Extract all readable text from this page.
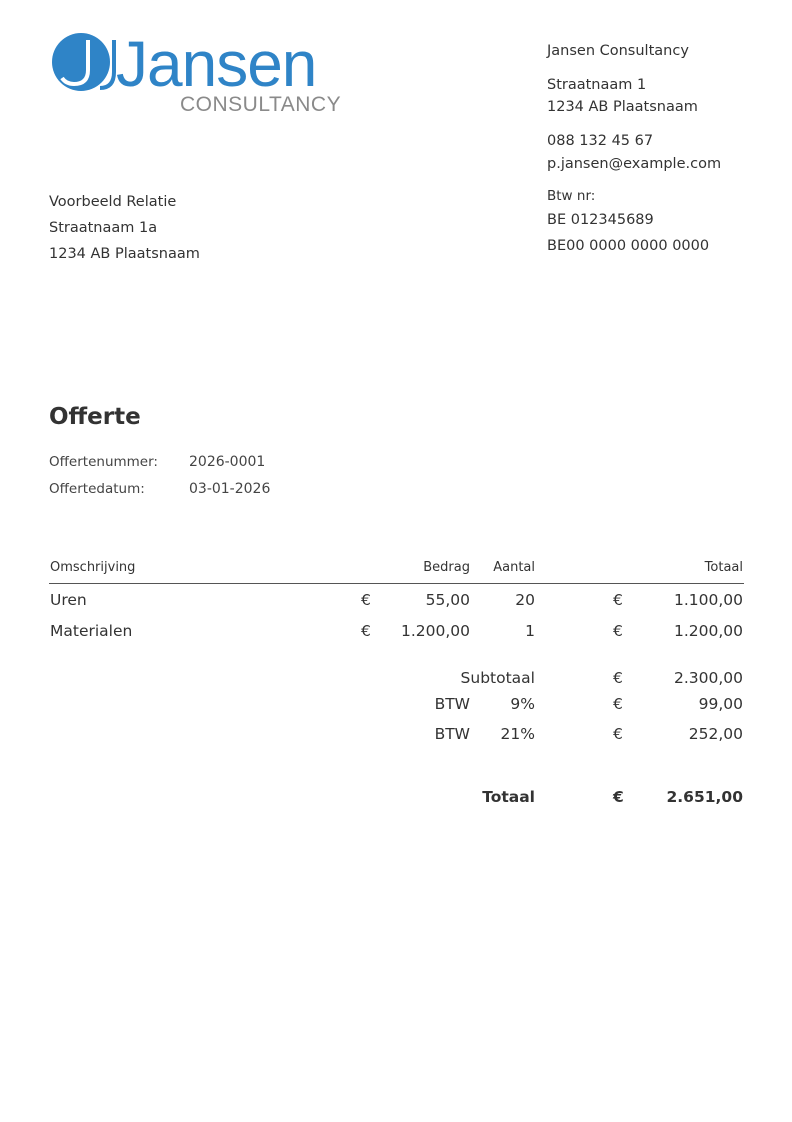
Jansen
CONSULTANCY
Jansen Consultancy
Straatnaam 1
1234 AB Plaatsnaam
088 132 45 67
p.jansen@example.com
Btw nr:
BE 012345689
BE00 0000 0000 0000
Voorbeeld Relatie
Straatnaam 1a
1234 AB Plaatsnaam
Offerte
Offertenummer: 2026-0001
Offertedatum:	03-01-2026
Omschrijving	Bedrag	Aantal	Totaal
Uren	€	55,00	20	€	1.100,00
Materialen	€	1.200,00	1	€	1.200,00
Subtotaal	€	2.300,00
BTW	9%	€	99,00
BTW	21%	€	252,00
Totaal	€	2.651,00
